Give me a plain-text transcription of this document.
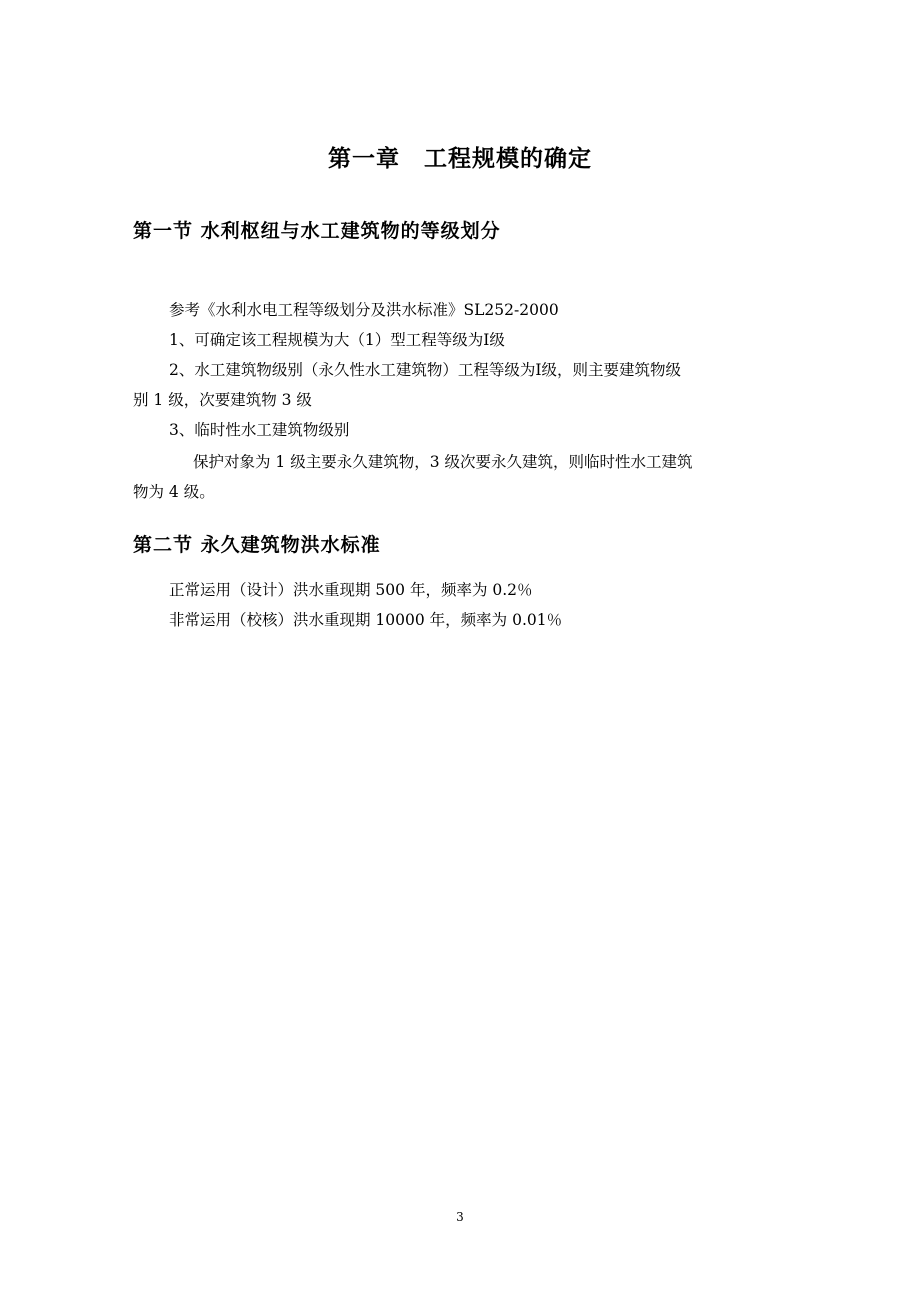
第一章　工程规模的确定
第一节 水利枢纽与水工建筑物的等级划分
参考《水利水电工程等级划分及洪水标准》SL252-2000
1、可确定该工程规模为大（1）型工程等级为Ⅰ级
2、水工建筑物级别（永久性水工建筑物）工程等级为Ⅰ级，则主要建筑物级
别 1 级，次要建筑物 3 级
3、临时性水工建筑物级别
保护对象为 1 级主要永久建筑物，3 级次要永久建筑，则临时性水工建筑
物为 4 级。
第二节 永久建筑物洪水标准
正常运用（设计）洪水重现期 500 年，频率为 0.2％
非常运用（校核）洪水重现期 10000 年，频率为 0.01％
3
